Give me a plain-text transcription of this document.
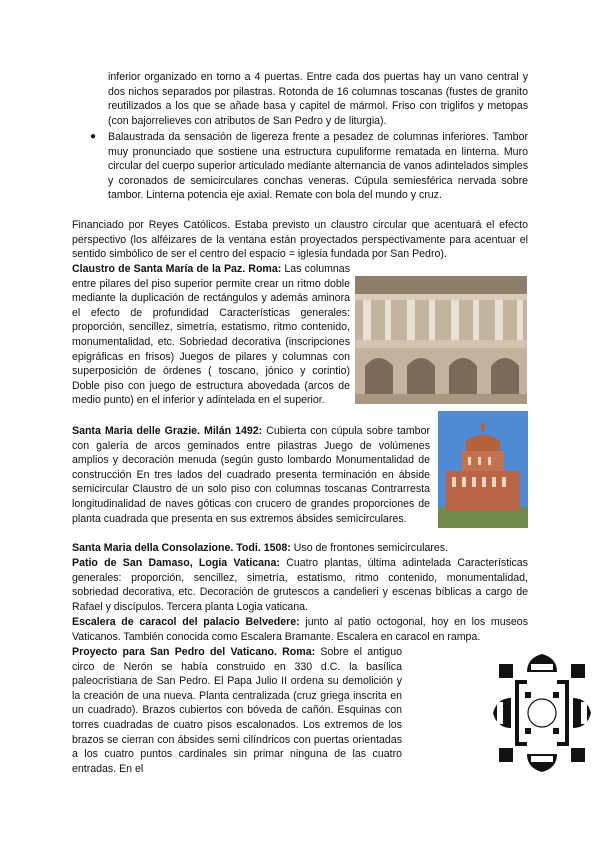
inferior organizado en torno a 4 puertas. Entre cada dos puertas hay un vano central y dos nichos separados por pilastras. Rotonda de 16 columnas toscanas (fustes de granito reutilizados a los que se añade basa y capitel de mármol. Friso con triglifos y metopas (con bajorrelieves con atributos de San Pedro y de liturgia).
● Balaustrada da sensación de ligereza frente a pesadez de columnas inferiores. Tambor muy pronunciado que sostiene una estructura cupuliforme rematada en linterna. Muro circular del cuerpo superior articulado mediante alternancia de vanos adintelados simples y coronados de semicirculares conchas veneras. Cúpula semiesférica nervada sobre tambor. Linterna potencia eje axial. Remate con bola del mundo y cruz.
Financiado por Reyes Católicos. Estaba previsto un claustro circular que acentuará el efecto perspectivo (los alféizares de la ventana están proyectados perspectivamente para acentuar el sentido simbólico de ser el centro del espacio = iglesia fundada por San Pedro).
Claustro de Santa María de la Paz. Roma: Las columnas entre pilares del piso superior permite crear un ritmo doble mediante la duplicación de rectángulos y además aminora el efecto de profundidad Características generales: proporción, sencillez, simetría, estatismo, ritmo contenido, monumentalidad, etc. Sobriedad decorativa (inscripciones epigráficas en frisos) Juegos de pilares y columnas con superposición de órdenes ( toscano, jónico y corintio) Doble piso con juego de estructura abovedada (arcos de medio punto) en el inferior y adintelada en el superior.
Santa Maria delle Grazie. Milán 1492: Cubierta con cúpula sobre tambor con galería de arcos geminados entre pilastras Juego de volúmenes amplios y decoración menuda (según gusto lombardo Monumentalidad de construcción En tres lados del cuadrado presenta terminación en ábside semicircular Claustro de un solo piso con columnas toscanas Contrarresta longitudinalidad de naves góticas con crucero de grandes proporciones de planta cuadrada que presenta en sus extremos ábsides semicirculares.
Santa Maria della Consolazione. Todi. 1508: Uso de frontones semicirculares.
Patio de San Damaso, Logia Vaticana: Cuatro plantas, última adintelada Características generales: proporción, sencillez, simetría, estatismo, ritmo contenido, monumentalidad, sobriedad decorativa, etc. Decoración de grutescos a candelieri y escenas bíblicas a cargo de Rafael y discípulos. Tercera planta Logia vaticana.
Escalera de caracol del palacio Belvedere: junto al patio octogonal, hoy en los museos Vaticanos. También conocida como Escalera Bramante. Escalera en caracol en rampa.
Proyecto para San Pedro del Vaticano. Roma: Sobre el antiguo circo de Nerón se había construido en 330 d.C. la basílica paleocristiana de San Pedro. El Papa Julio II ordena su demolición y la creación de una nueva. Planta centralizada (cruz griega inscrita en un cuadrado). Brazos cubiertos con bóveda de cañón. Esquinas con torres cuadradas de cuatro pisos escalonados. Los extremos de los brazos se cierran con ábsides semi cilíndricos con puertas orientadas a los cuatro puntos cardinales sin primar ninguna de las cuatro entradas. En el
